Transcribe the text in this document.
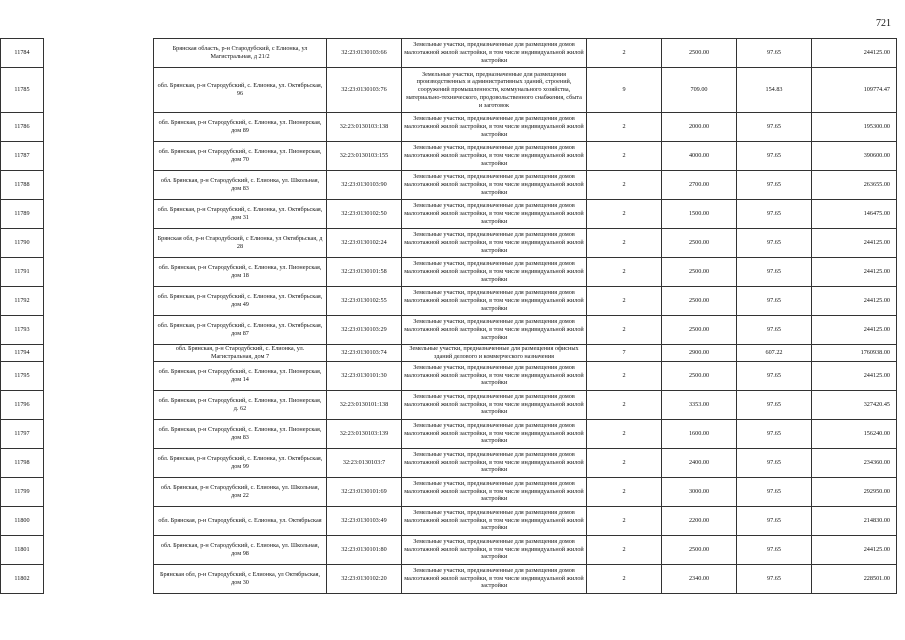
721
11784		Брянская область, р-н Стародубский, с Елионка, ул Магистральная, д 21/2	32:23:0130103:66	Земельные участки, предназначенные для размещения домов малоэтажной жилой застройки, в том числе индивидуальной жилой застройки	2	2500.00	97.65	244125.00
11785		обл. Брянская, р-н Стародубский, с. Елионка, ул. Октябрьская, 96	32:23:0130103:76	Земельные участки, предназначенные для размещения производственных и административных зданий, строений, сооружений промышленности, коммунального хозяйства, материально-технического, продовольственного снабжения, сбыта и заготовок	9	709.00	154.83	109774.47
11786		обл. Брянская, р-н Стародубский, с. Елионка, ул. Пионерская, дом 89	32:23:0130103:138	Земельные участки, предназначенные для размещения домов малоэтажной жилой застройки, в том числе индивидуальной жилой застройки	2	2000.00	97.65	195300.00
11787		обл. Брянская, р-н Стародубский, с. Елионка, ул. Пионерская, дом 70	32:23:0130103:155	Земельные участки, предназначенные для размещения домов малоэтажной жилой застройки, в том числе индивидуальной жилой застройки	2	4000.00	97.65	390600.00
11788		обл. Брянская, р-н Стародубский, с. Елионка, ул. Школьная, дом 83	32:23:0130103:90	Земельные участки, предназначенные для размещения домов малоэтажной жилой застройки, в том числе индивидуальной жилой застройки	2	2700.00	97.65	263655.00
11789		обл. Брянская, р-н Стародубский, с. Елионка, ул. Октябрьская, дом 31	32:23:0130102:50	Земельные участки, предназначенные для размещения домов малоэтажной жилой застройки, в том числе индивидуальной жилой застройки	2	1500.00	97.65	146475.00
11790		Брянская обл, р-н Стародубский, с Елионка, ул Октябрьская, д 28	32:23:0130102:24	Земельные участки, предназначенные для размещения домов малоэтажной жилой застройки, в том числе индивидуальной жилой застройки	2	2500.00	97.65	244125.00
11791		обл. Брянская, р-н Стародубский, с. Елионка, ул. Пионерская, дом 18	32:23:0130101:58	Земельные участки, предназначенные для размещения домов малоэтажной жилой застройки, в том числе индивидуальной жилой застройки	2	2500.00	97.65	244125.00
11792		обл. Брянская, р-н Стародубский, с. Елионка, ул. Октябрьская, дом 49	32:23:0130102:55	Земельные участки, предназначенные для размещения домов малоэтажной жилой застройки, в том числе индивидуальной жилой застройки	2	2500.00	97.65	244125.00
11793		обл. Брянская, р-н Стародубский, с. Елионка, ул. Октябрьская, дом 87	32:23:0130103:29	Земельные участки, предназначенные для размещения домов малоэтажной жилой застройки, в том числе индивидуальной жилой застройки	2	2500.00	97.65	244125.00
11794		обл. Брянская, р-н Стародубский, с. Елионка, ул. Магистральная, дом 7	32:23:0130103:74	Земельные участки, предназначенные для размещения офисных зданий делового и коммерческого назначения	7	2900.00	607.22	1760938.00
11795		обл. Брянская, р-н Стародубский, с. Елионка, ул. Пионерская, дом 14	32:23:0130101:30	Земельные участки, предназначенные для размещения домов малоэтажной жилой застройки, в том числе индивидуальной жилой застройки	2	2500.00	97.65	244125.00
11796		обл. Брянская, р-н Стародубский, с. Елионка, ул. Пионерская, д. 62	32:23:0130101:138	Земельные участки, предназначенные для размещения домов малоэтажной жилой застройки, в том числе индивидуальной жилой застройки	2	3353.00	97.65	327420.45
11797		обл. Брянская, р-н Стародубский, с. Елионка, ул. Пионерская, дом 83	32:23:0130103:139	Земельные участки, предназначенные для размещения домов малоэтажной жилой застройки, в том числе индивидуальной жилой застройки	2	1600.00	97.65	156240.00
11798		обл. Брянская, р-н Стародубский, с. Елионка, ул. Октябрьская, дом 99	32:23:0130103:7	Земельные участки, предназначенные для размещения домов малоэтажной жилой застройки, в том числе индивидуальной жилой застройки	2	2400.00	97.65	234360.00
11799		обл. Брянская, р-н Стародубский, с. Елионка, ул. Школьная, дом 22	32:23:0130101:69	Земельные участки, предназначенные для размещения домов малоэтажной жилой застройки, в том числе индивидуальной жилой застройки	2	3000.00	97.65	292950.00
11800		обл. Брянская, р-н Стародубский, с. Елионка, ул. Октябрьская	32:23:0130103:49	Земельные участки, предназначенные для размещения домов малоэтажной жилой застройки, в том числе индивидуальной жилой застройки	2	2200.00	97.65	214830.00
11801		обл. Брянская, р-н Стародубский, с. Елионка, ул. Школьная, дом 98	32:23:0130101:80	Земельные участки, предназначенные для размещения домов малоэтажной жилой застройки, в том числе индивидуальной жилой застройки	2	2500.00	97.65	244125.00
11802		Брянская обл, р-н Стародубский, с Елионка, ул Октябрьская, дом 30	32:23:0130102:20	Земельные участки, предназначенные для размещения домов малоэтажной жилой застройки, в том числе индивидуальной жилой застройки	2	2340.00	97.65	228501.00
